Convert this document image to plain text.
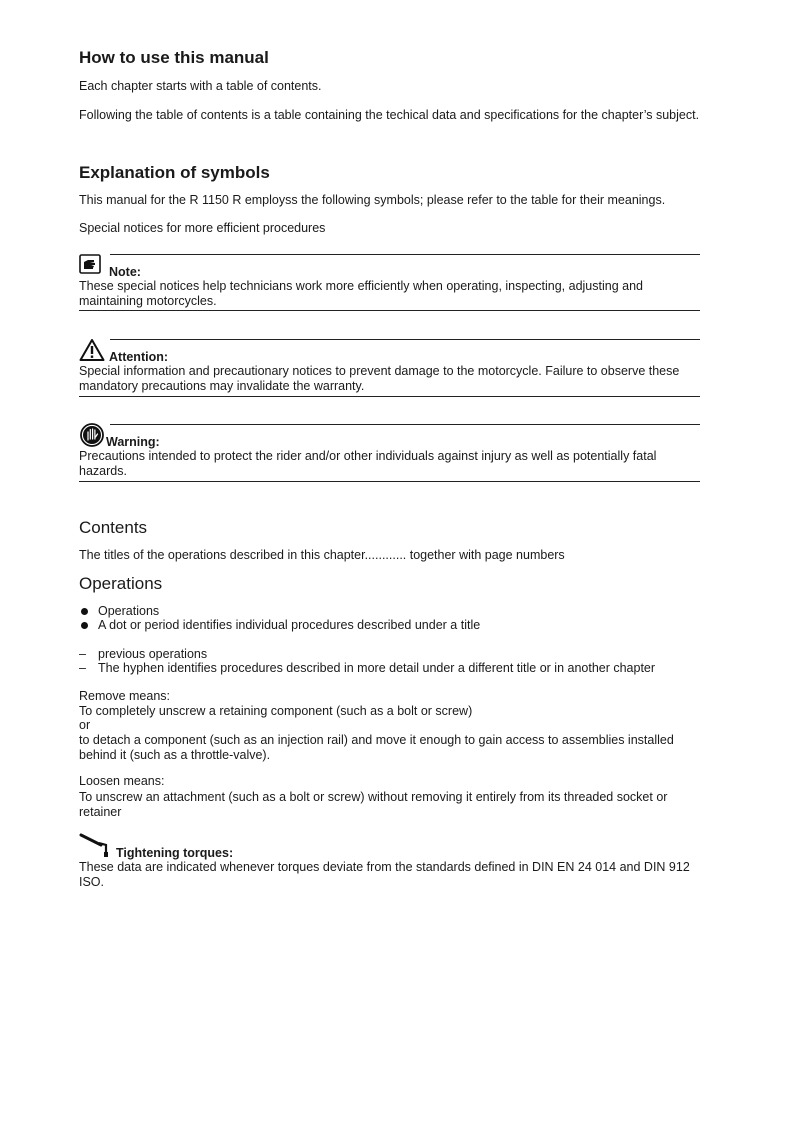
How to use this manual
Each chapter starts with a table of contents.
Following the table of contents is a table containing the techical data and specifications for the chapter’s subject.
Explanation of symbols
This manual for the R 1150 R employss the following symbols; please refer to the table for their meanings.
Special notices for more efficient procedures
Note:
These special notices help technicians work more efficiently when operating, inspecting, adjusting and maintaining motorcycles.
Attention:
Special information and precautionary notices to prevent damage to the motorcycle. Failure to observe these mandatory precautions may invalidate the warranty.
Warning:
Precautions intended to protect the rider and/or other individuals against injury as well as potentially fatal hazards.
Contents
The titles of the operations described in this chapter............ together with page numbers
Operations
Operations
A dot or period identifies individual procedures described under a title
– previous operations
– The hyphen identifies procedures described in more detail under a different title or in another chapter
Remove means:
To completely unscrew a retaining component (such as a bolt or screw)
or
to detach a component (such as an injection rail) and move it enough to gain access to assemblies installed behind it (such as a throttle-valve).
Loosen means:
To unscrew an attachment (such as a bolt or screw) without removing it entirely from its threaded socket or retainer
Tightening torques:
These data are indicated whenever torques deviate from the standards defined in DIN EN 24 014 and DIN 912 ISO.
